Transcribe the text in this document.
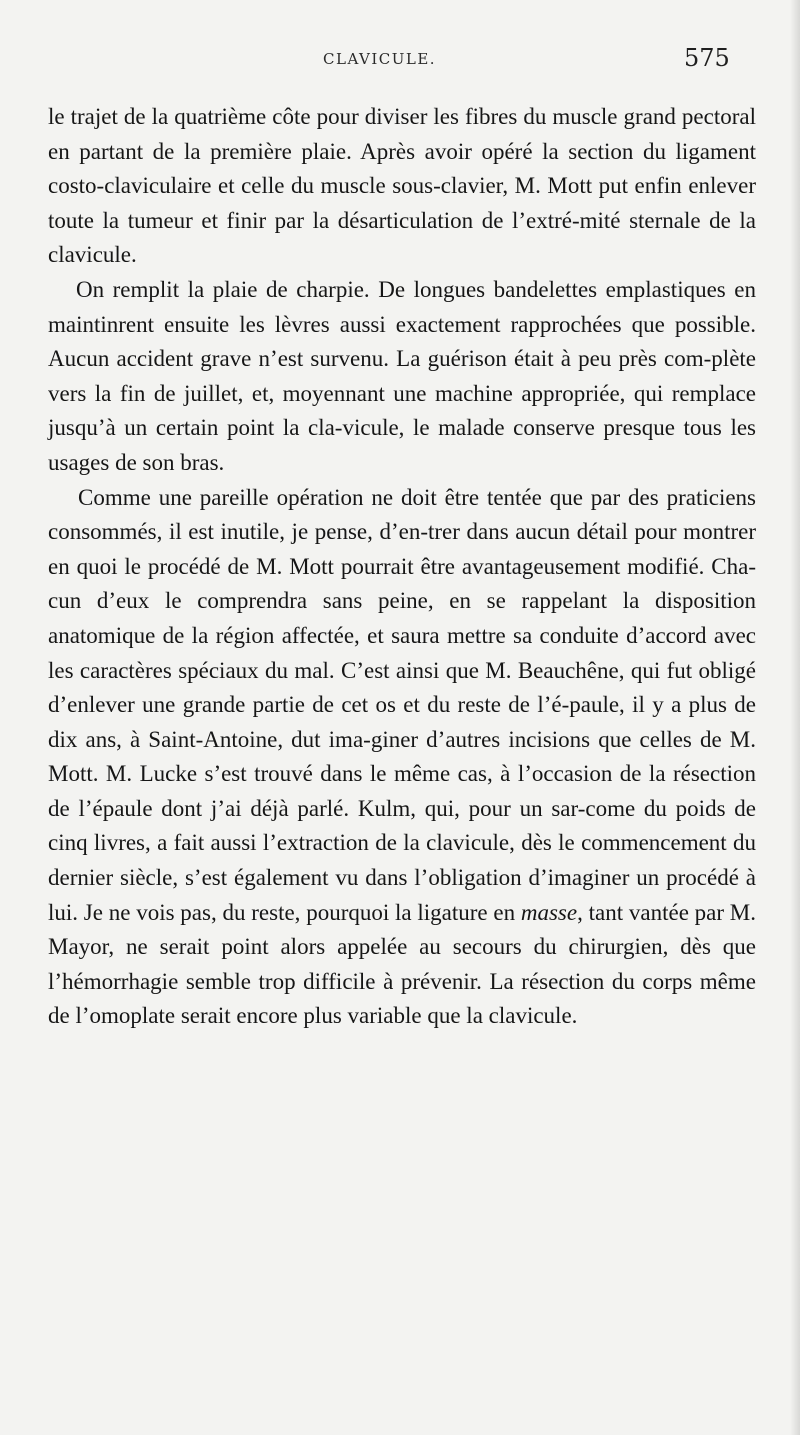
CLAVICULE.	575

le trajet de la quatrième côte pour diviser les fibres du muscle grand pectoral en partant de la première plaie. Après avoir opéré la section du ligament costo-claviculaire et celle du muscle sous-clavier, M. Mott put enfin enlever toute la tumeur et finir par la désarticulation de l’extré-mité sternale de la clavicule.

On remplit la plaie de charpie. De longues bandelettes emplastiques en maintinrent ensuite les lèvres aussi exactement rapprochées que possible. Aucun accident grave n’est survenu. La guérison était à peu près com-plète vers la fin de juillet, et, moyennant une machine appropriée, qui remplace jusqu’à un certain point la cla-vicule, le malade conserve presque tous les usages de son bras.

Comme une pareille opération ne doit être tentée que par des praticiens consommés, il est inutile, je pense, d’en-trer dans aucun détail pour montrer en quoi le procédé de M. Mott pourrait être avantageusement modifié. Cha-cun d’eux le comprendra sans peine, en se rappelant la disposition anatomique de la région affectée, et saura mettre sa conduite d’accord avec les caractères spéciaux du mal. C’est ainsi que M. Beauchêne, qui fut obligé d’enlever une grande partie de cet os et du reste de l’é-paule, il y a plus de dix ans, à Saint-Antoine, dut ima-giner d’autres incisions que celles de M. Mott. M. Lucke s’est trouvé dans le même cas, à l’occasion de la résection de l’épaule dont j’ai déjà parlé. Kulm, qui, pour un sar-come du poids de cinq livres, a fait aussi l’extraction de la clavicule, dès le commencement du dernier siècle, s’est également vu dans l’obligation d’imaginer un procédé à lui. Je ne vois pas, du reste, pourquoi la ligature en masse, tant vantée par M. Mayor, ne serait point alors appelée au secours du chirurgien, dès que l’hémorrhagie semble trop difficile à prévenir. La résection du corps même de l’omoplate serait encore plus variable que la clavicule.
